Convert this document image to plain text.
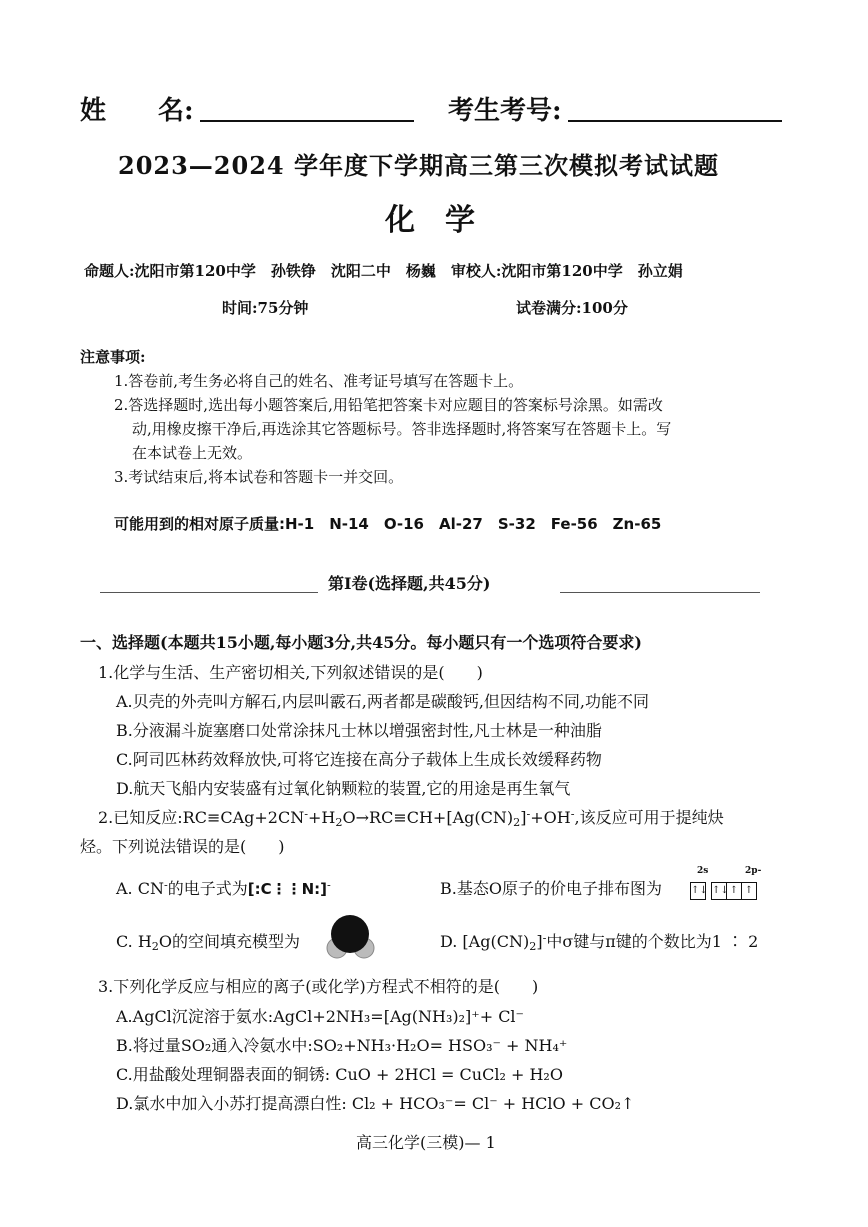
姓　　名:	考生考号:
2023—2024 学年度下学期高三第三次模拟考试试题
化　学
命题人:沈阳市第120中学　孙铁铮　沈阳二中　杨巍　审校人:沈阳市第120中学　孙立娟
时间:75分钟	试卷满分:100分
注意事项:
1.答卷前,考生务必将自己的姓名、准考证号填写在答题卡上。
2.答选择题时,选出每小题答案后,用铅笔把答案卡对应题目的答案标号涂黑。如需改
动,用橡皮擦干净后,再选涂其它答题标号。答非选择题时,将答案写在答题卡上。写
在本试卷上无效。
3.考试结束后,将本试卷和答题卡一并交回。
可能用到的相对原子质量:H-1　N-14　O-16　Al-27　S-32　Fe-56　Zn-65
第Ⅰ卷(选择题,共45分)
一、选择题(本题共15小题,每小题3分,共45分。每小题只有一个选项符合要求)
1.化学与生活、生产密切相关,下列叙述错误的是(　　)
A.贝壳的外壳叫方解石,内层叫霰石,两者都是碳酸钙,但因结构不同,功能不同
B.分液漏斗旋塞磨口处常涂抹凡士林以增强密封性,凡士林是一种油脂
C.阿司匹林药效释放快,可将它连接在高分子载体上生成长效缓释药物
D.航天飞船内安装盛有过氧化钠颗粒的装置,它的用途是再生氧气
2.已知反应$:RC\equiv CAg+2CN^-+H_2O\to RC\equiv CH+[Ag(CN)_2]^-+OH^-$,该反应可用于提纯炔
烃。下列说法错误的是(　　)
A. CN-的电子式为[:C⋮⋮N:]-	B.基态O原子的价电子排布图为
2s	2p-
↑↓ ↑↓↑ ↑
C. $H_2O$的空间填充模型为	D. $[Ag(CN)_2]^-$中σ键与π键的个数比为1 ∶ 2
3.下列化学反应与相应的离子(或化学)方程式不相符的是(　　)
A.AgCl沉淀溶于氨水:AgCl+2NH₃=[Ag(NH₃)₂]⁺+ Cl⁻
B.将过量SO₂通入冷氨水中:SO₂+NH₃·H₂O= HSO₃⁻ + NH₄⁺
C.用盐酸处理铜器表面的铜锈: CuO + 2HCl = CuCl₂ + H₂O
D.氯水中加入小苏打提高漂白性: Cl₂ + HCO₃⁻= Cl⁻ + HClO + CO₂↑
高三化学(三模)— 1
